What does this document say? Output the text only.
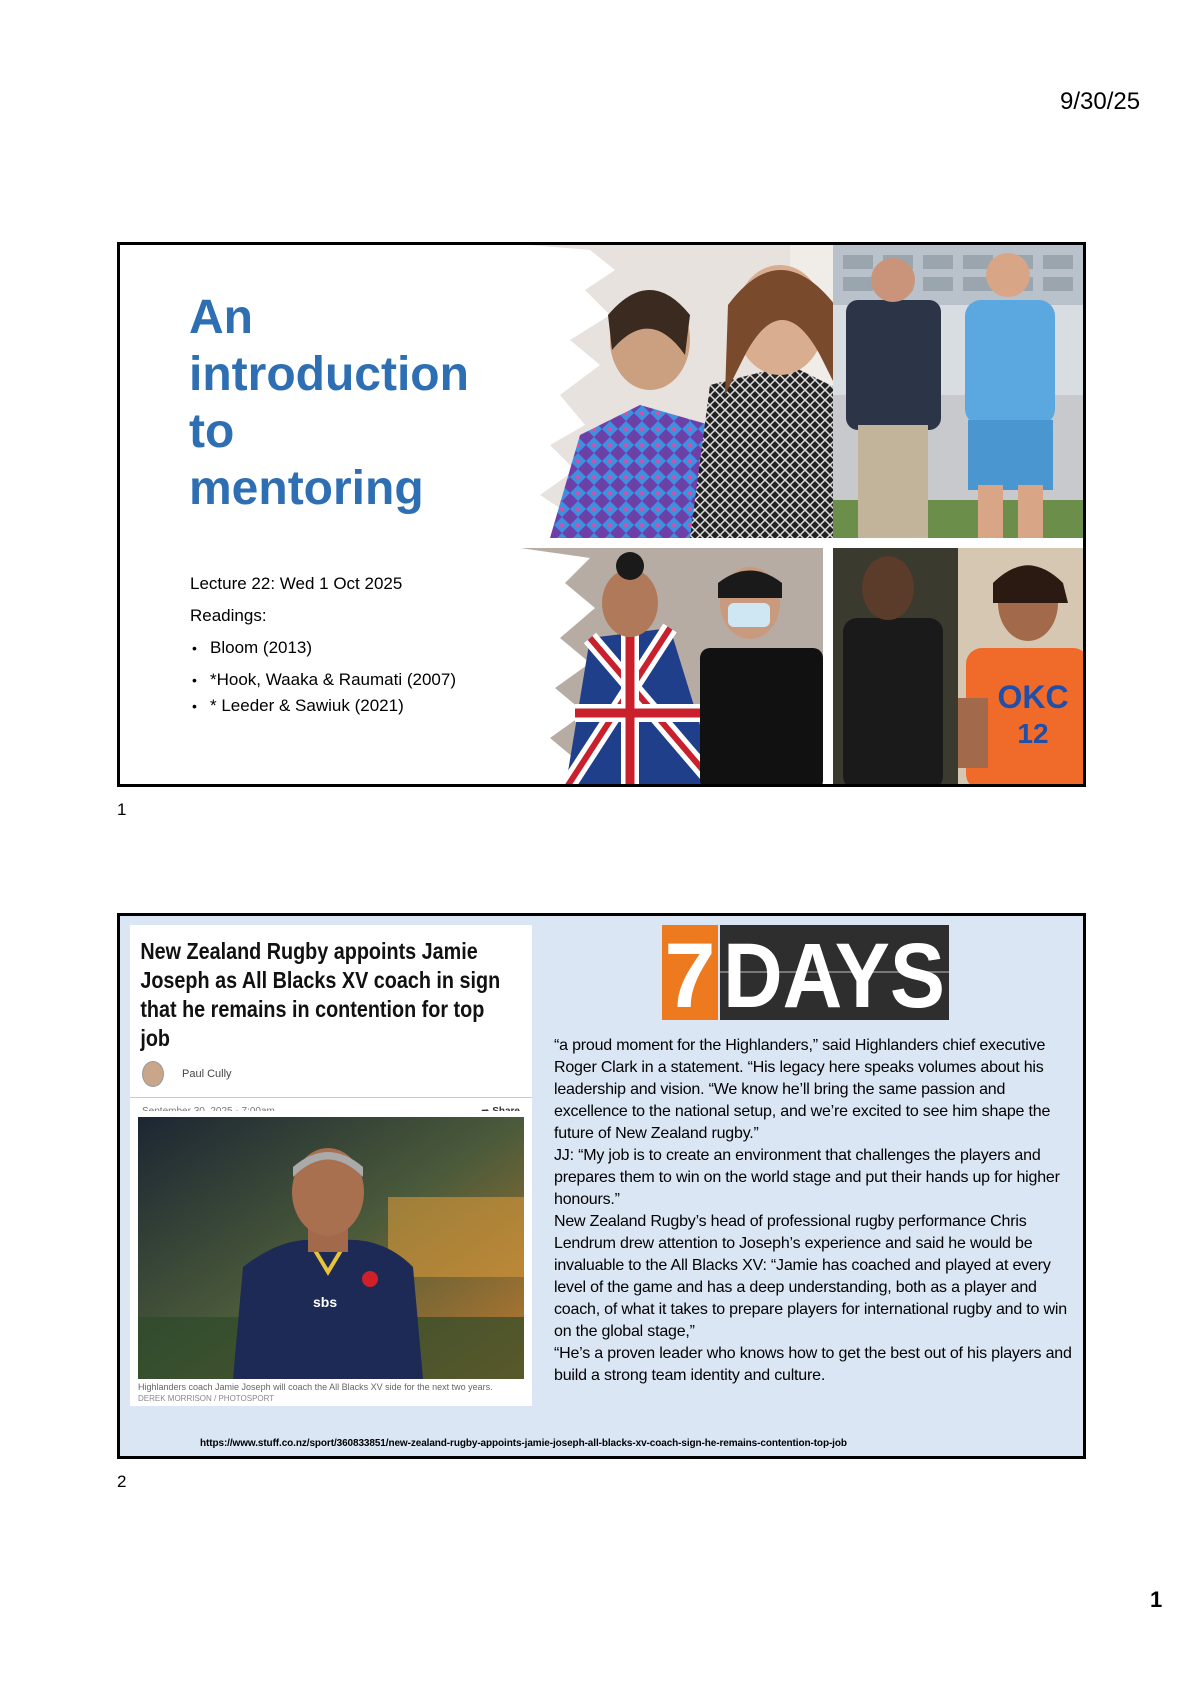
9/30/25
An
introduction
to
mentoring
Lecture 22: Wed 1 Oct 2025
Readings:
• Bloom (2013)
• *Hook, Waaka & Raumati (2007)
• * Leeder & Sawiuk (2021)	OKC
12
1
New Zealand Rugby appoints Jamie Joseph as All Blacks XV coach in sign that he remains in contention for top job
Paul Cully
sbs
Highlanders coach Jamie Joseph will coach the All Blacks XV side for the next two years.
DEREK MORRISON / PHOTOSPORT
7 DAYS

“a proud moment for the Highlanders,” said Highlanders chief executive Roger Clark in a statement. “His legacy here speaks volumes about his leadership and vision. “We know he’ll bring the same passion and excellence to the national setup, and we’re excited to see him shape the future of New Zealand rugby.”

JJ: “My job is to create an environment that challenges the players and prepares them to win on the world stage and put their hands up for higher honours.”

New Zealand Rugby’s head of professional rugby performance Chris Lendrum drew attention to Joseph’s experience and said he would be invaluable to the All Blacks XV: “Jamie has coached and played at every level of the game and has a deep understanding, both as a player and coach, of what it takes to prepare players for international rugby and to win on the global stage,”

“He’s a proven leader who knows how to get the best out of his players and build a strong team identity and culture.

https://www.stuff.co.nz/sport/360833851/new-zealand-rugby-appoints-jamie-joseph-all-blacks-xv-coach-sign-he-remains-contention-top-job
2
1
